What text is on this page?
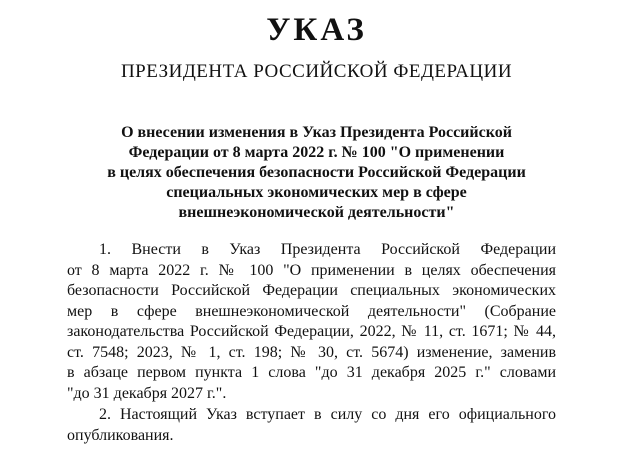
УКАЗ
ПРЕЗИДЕНТА РОССИЙСКОЙ ФЕДЕРАЦИИ
О внесении изменения в Указ Президента Российской
Федерации от 8 марта 2022 г. № 100 "О применении
в целях обеспечения безопасности Российской Федерации
специальных экономических мер в сфере
внешнеэкономической деятельности"
1. Внести в Указ Президента Российской Федерации
от 8 марта 2022 г. № 100 "О применении в целях обеспечения
безопасности Российской Федерации специальных экономических
мер в сфере внешнеэкономической деятельности" (Собрание
законодательства Российской Федерации, 2022, № 11, ст. 1671; № 44,
ст. 7548; 2023, № 1, ст. 198; № 30, ст. 5674) изменение, заменив
в абзаце первом пункта 1 слова "до 31 декабря 2025 г." словами
"до 31 декабря 2027 г.".
2. Настоящий Указ вступает в силу со дня его официального
опубликования.
